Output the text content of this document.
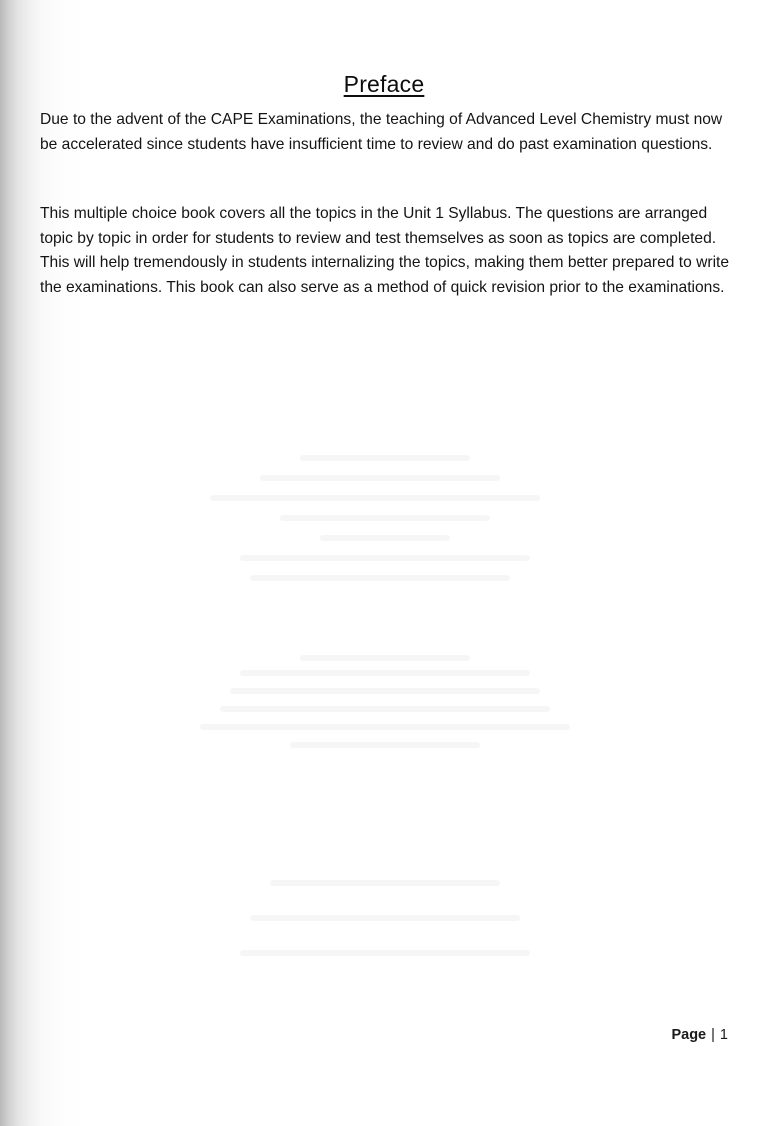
Preface

Due to the advent of the CAPE Examinations, the teaching of Advanced Level Chemistry must now be accelerated since students have insufficient time to review and do past examination questions.

This multiple choice book covers all the topics in the Unit 1 Syllabus. The questions are arranged topic by topic in order for students to review and test themselves as soon as topics are completed. This will help tremendously in students internalizing the topics, making them better prepared to write the examinations. This book can also serve as a method of quick revision prior to the examinations.

Page | 1
